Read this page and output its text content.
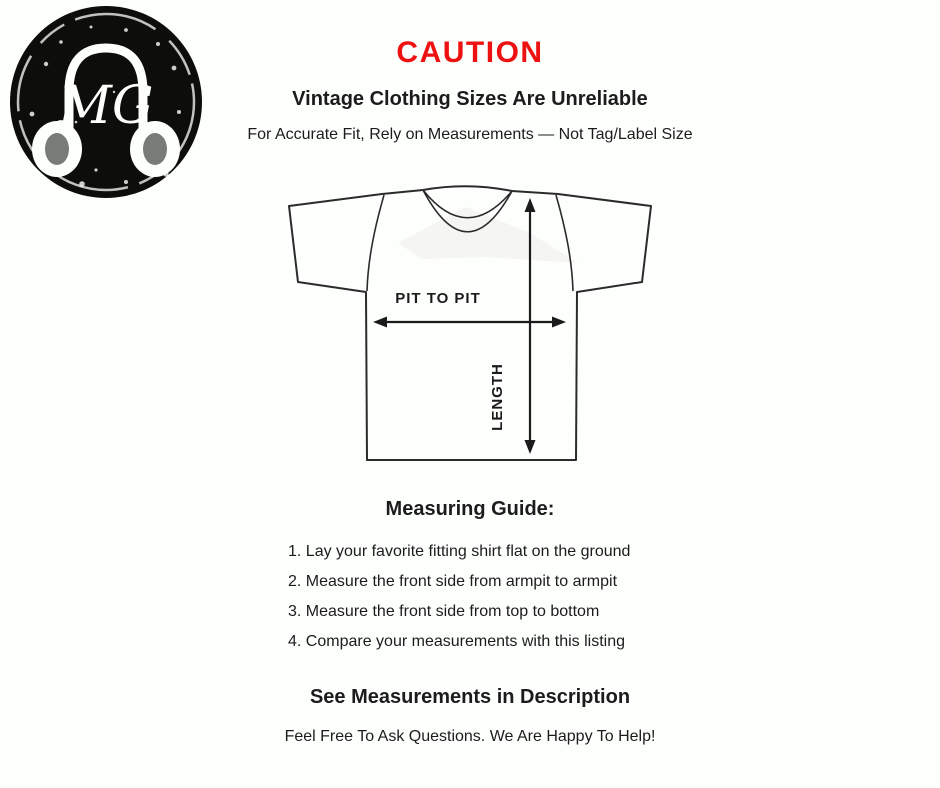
MG
CAUTION
Vintage Clothing Sizes Are Unreliable
For Accurate Fit, Rely on Measurements — Not Tag/Label Size
PIT TO PIT
LENGTH
Measuring Guide:
1. Lay your favorite fitting shirt flat on the ground
2. Measure the front side from armpit to armpit
3. Measure the front side from top to bottom
4. Compare your measurements with this listing
See Measurements in Description
Feel Free To Ask Questions. We Are Happy To Help!
